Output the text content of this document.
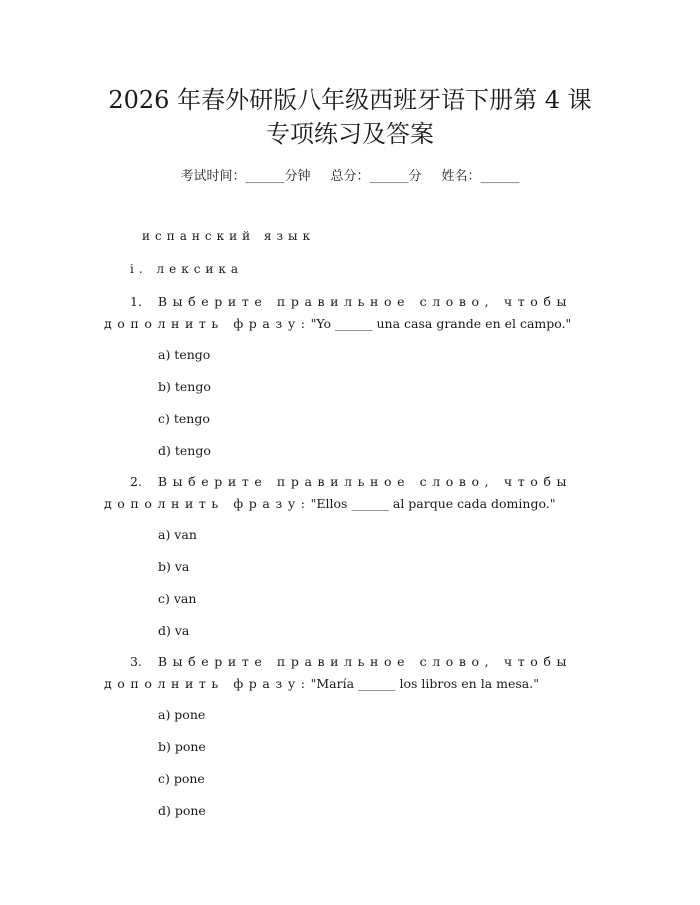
2026 年春外研版八年级西班牙语下册第 4 课
专项练习及答案
考试时间：______分钟 总分：______分 姓名：______
испанский язык
i. лексика
1. Выберите правильное слово, чтобы
дополнить фразу:"Yo ______ una casa grande en el campo."
a) tengo
b) tengo
c) tengo
d) tengo
2. Выберите правильное слово, чтобы
дополнить фразу:"Ellos ______ al parque cada domingo."
a) van
b) va
c) van
d) va
3. Выберите правильное слово, чтобы
дополнить фразу:"María ______ los libros en la mesa."
a) pone
b) pone
c) pone
d) pone
